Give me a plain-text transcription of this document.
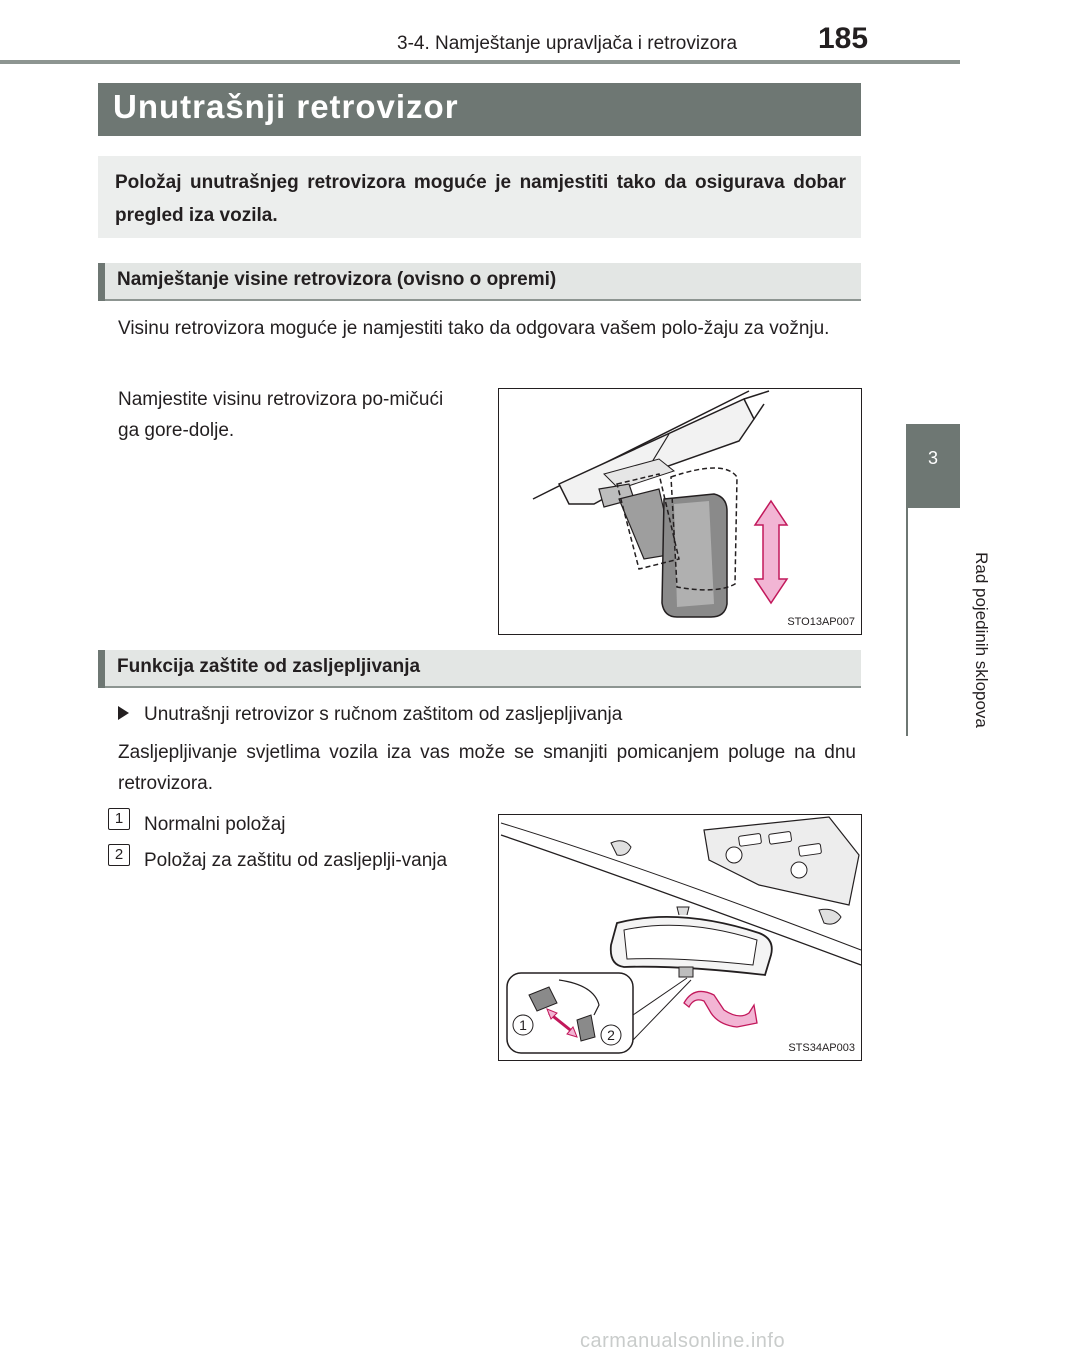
3-4. Namještanje upravljača i retrovizora	185
3
Rad pojedinih sklopova
Unutrašnji retrovizor
Položaj unutrašnjeg retrovizora moguće je namjestiti tako da osigurava dobar pregled iza vozila.
Namještanje visine retrovizora (ovisno o opremi)
Visinu retrovizora moguće je namjestiti tako da odgovara vašem polo-žaju za vožnju.
Namjestite visinu retrovizora po-mičući ga gore-dolje.
STO13AP007
Funkcija zaštite od zasljepljivanja
Unutrašnji retrovizor s ručnom zaštitom od zasljepljivanja
Zasljepljivanje svjetlima vozila iza vas može se smanjiti pomicanjem poluge na dnu retrovizora.
1	Normalni položaj
2	Položaj za zaštitu od zasljeplji-vanja
1
2
STS34AP003
carmanualsonline.info
